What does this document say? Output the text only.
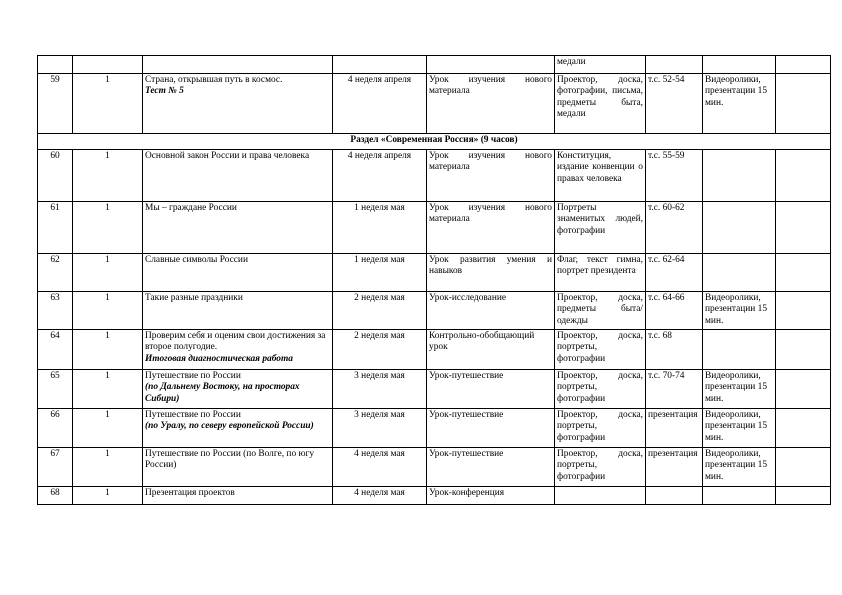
			медали			
59	1	Страна, открывшая путь в космос.
Тест № 5	4 неделя апреля	Урок изучения нового материала	Проектор, доска, фотографии, письма, предметы быта, медали	т.с. 52-54	Видеоролики, презентации 15 мин.	
Раздел «Современная Россия» (9 часов)								
60	1	Основной закон России и права человека	4 неделя апреля	Урок изучения нового материала	Конституция, издание конвенции о правах человека	т.с. 55-59		
61	1	Мы – граждане России	1 неделя мая	Урок изучения нового материала	Портреты знаменитых людей, фотографии	т.с. 60-62		
62	1	Славные символы России	1 неделя мая	Урок развития умения и навыков	Флаг, текст гимна, портрет президента	т.с. 62-64		
63	1	Такие разные праздники	2 неделя мая	Урок-исследование	Проектор, доска, предметы быта/одежды	т.с. 64-66	Видеоролики, презентации 15 мин.	
64	1	Проверим себя и оценим свои достижения за второе полугодие.
Итоговая диагностическая работа	2 неделя мая	Контрольно-обобщающий урок	Проектор, доска, портреты, фотографии	т.с. 68		
65	1	Путешествие по России
(по Дальнему Востоку, на просторах Сибири)	3 неделя мая	Урок-путешествие	Проектор, доска, портреты, фотографии	т.с. 70-74	Видеоролики, презентации 15 мин.	
66	1	Путешествие по России
(по Уралу, по северу европейской России)	3 неделя мая	Урок-путешествие	Проектор, доска, портреты, фотографии	презентация	Видеоролики, презентации 15 мин.	
67	1	Путешествие по России (по Волге, по югу России)	4 неделя мая	Урок-путешествие	Проектор, доска, портреты, фотографии	презентация	Видеоролики, презентации 15 мин.	
68	1	Презентация проектов	4 неделя мая	Урок-конференция				
